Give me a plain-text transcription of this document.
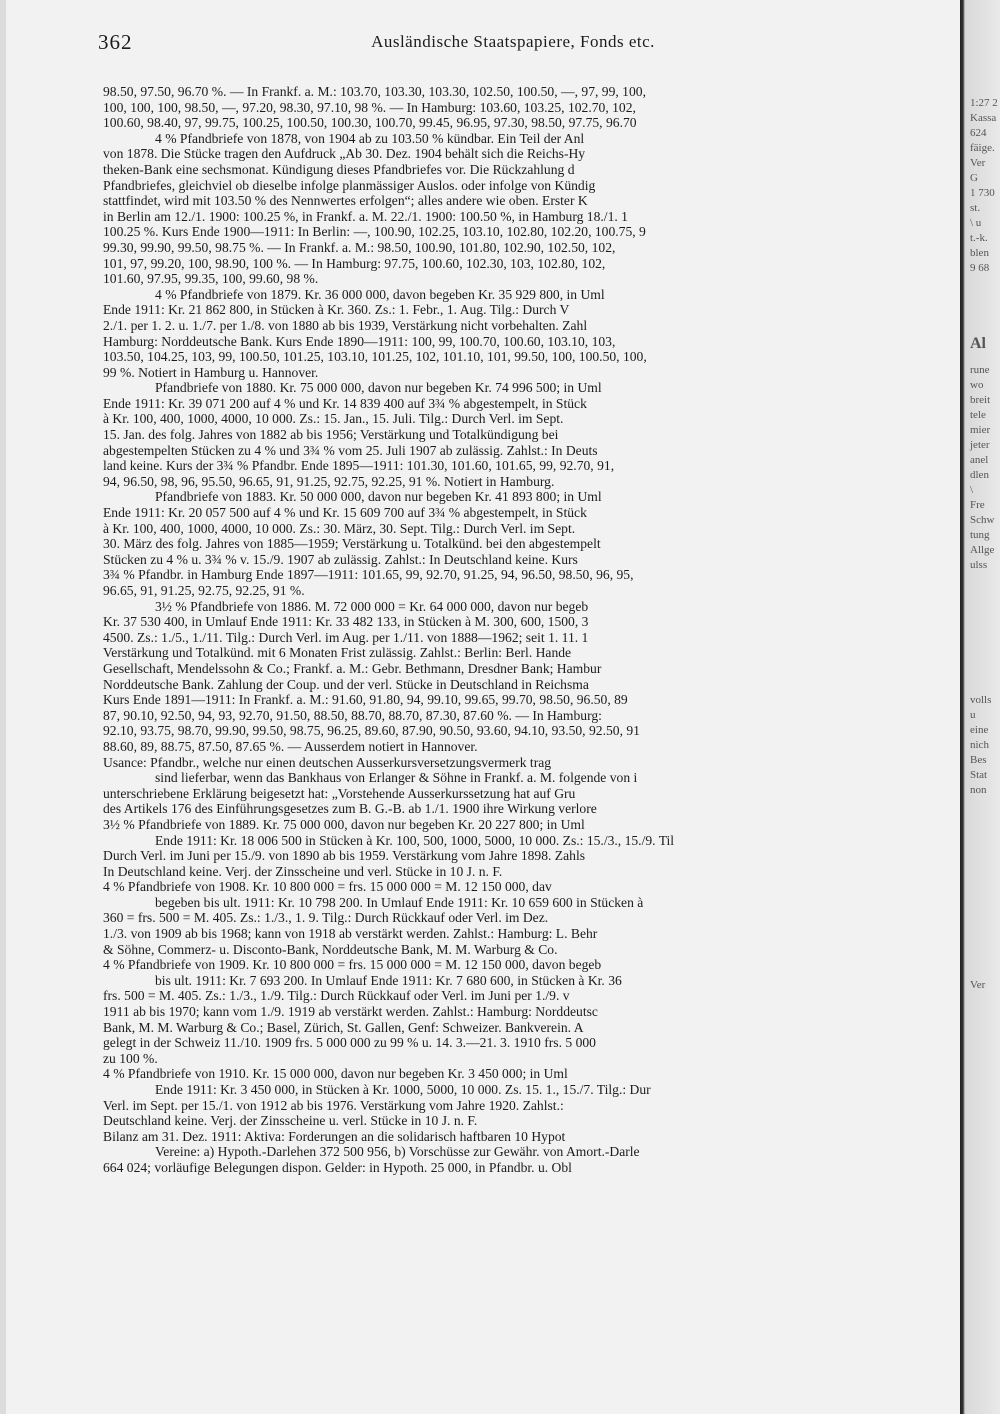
362	Ausländische Staatspapiere, Fonds etc.
98.50, 97.50, 96.70 %. — In Frankf. a. M.: 103.70, 103.30, 103.30, 102.50, 100.50, —, 97, 99, 100,
100, 100, 100, 98.50, —, 97.20, 98.30, 97.10, 98 %. — In Hamburg: 103.60, 103.25, 102.70, 102,
100.60, 98.40, 97, 99.75, 100.25, 100.50, 100.30, 100.70, 99.45, 96.95, 97.30, 98.50, 97.75, 96.70
4 % Pfandbriefe von 1878, von 1904 ab zu 103.50 % kündbar. Ein Teil der Anl
von 1878. Die Stücke tragen den Aufdruck „Ab 30. Dez. 1904 behält sich die Reichs-Hy
theken-Bank eine sechsmonat. Kündigung dieses Pfandbriefes vor. Die Rückzahlung d
Pfandbriefes, gleichviel ob dieselbe infolge planmässiger Auslos. oder infolge von Kündig
stattfindet, wird mit 103.50 % des Nennwertes erfolgen“; alles andere wie oben. Erster K
in Berlin am 12./1. 1900: 100.25 %, in Frankf. a. M. 22./1. 1900: 100.50 %, in Hamburg 18./1. 1
100.25 %. Kurs Ende 1900—1911: In Berlin: —, 100.90, 102.25, 103.10, 102.80, 102.20, 100.75, 9
99.30, 99.90, 99.50, 98.75 %. — In Frankf. a. M.: 98.50, 100.90, 101.80, 102.90, 102.50, 102,
101, 97, 99.20, 100, 98.90, 100 %. — In Hamburg: 97.75, 100.60, 102.30, 103, 102.80, 102,
101.60, 97.95, 99.35, 100, 99.60, 98 %.
4 % Pfandbriefe von 1879. Kr. 36 000 000, davon begeben Kr. 35 929 800, in Uml
Ende 1911: Kr. 21 862 800, in Stücken à Kr. 360. Zs.: 1. Febr., 1. Aug. Tilg.: Durch V
2./1. per 1. 2. u. 1./7. per 1./8. von 1880 ab bis 1939, Verstärkung nicht vorbehalten. Zahl
Hamburg: Norddeutsche Bank. Kurs Ende 1890—1911: 100, 99, 100.70, 100.60, 103.10, 103,
103.50, 104.25, 103, 99, 100.50, 101.25, 103.10, 101.25, 102, 101.10, 101, 99.50, 100, 100.50, 100,
99 %. Notiert in Hamburg u. Hannover.
Pfandbriefe von 1880. Kr. 75 000 000, davon nur begeben Kr. 74 996 500; in Uml
Ende 1911: Kr. 39 071 200 auf 4 % und Kr. 14 839 400 auf 3¾ % abgestempelt, in Stück
à Kr. 100, 400, 1000, 4000, 10 000. Zs.: 15. Jan., 15. Juli. Tilg.: Durch Verl. im Sept.
15. Jan. des folg. Jahres von 1882 ab bis 1956; Verstärkung und Totalkündigung bei
abgestempelten Stücken zu 4 % und 3¾ % vom 25. Juli 1907 ab zulässig. Zahlst.: In Deuts
land keine. Kurs der 3¾ % Pfandbr. Ende 1895—1911: 101.30, 101.60, 101.65, 99, 92.70, 91,
94, 96.50, 98, 96, 95.50, 96.65, 91, 91.25, 92.75, 92.25, 91 %. Notiert in Hamburg.
Pfandbriefe von 1883. Kr. 50 000 000, davon nur begeben Kr. 41 893 800; in Uml
Ende 1911: Kr. 20 057 500 auf 4 % und Kr. 15 609 700 auf 3¾ % abgestempelt, in Stück
à Kr. 100, 400, 1000, 4000, 10 000. Zs.: 30. März, 30. Sept. Tilg.: Durch Verl. im Sept.
30. März des folg. Jahres von 1885—1959; Verstärkung u. Totalkünd. bei den abgestempelt
Stücken zu 4 % u. 3¾ % v. 15./9. 1907 ab zulässig. Zahlst.: In Deutschland keine. Kurs
3¾ % Pfandbr. in Hamburg Ende 1897—1911: 101.65, 99, 92.70, 91.25, 94, 96.50, 98.50, 96, 95,
96.65, 91, 91.25, 92.75, 92.25, 91 %.
3½ % Pfandbriefe von 1886. M. 72 000 000 = Kr. 64 000 000, davon nur begeb
Kr. 37 530 400, in Umlauf Ende 1911: Kr. 33 482 133, in Stücken à M. 300, 600, 1500, 3
4500. Zs.: 1./5., 1./11. Tilg.: Durch Verl. im Aug. per 1./11. von 1888—1962; seit 1. 11. 1
Verstärkung und Totalkünd. mit 6 Monaten Frist zulässig. Zahlst.: Berlin: Berl. Hande
Gesellschaft, Mendelssohn & Co.; Frankf. a. M.: Gebr. Bethmann, Dresdner Bank; Hambur
Norddeutsche Bank. Zahlung der Coup. und der verl. Stücke in Deutschland in Reichsma
Kurs Ende 1891—1911: In Frankf. a. M.: 91.60, 91.80, 94, 99.10, 99.65, 99.70, 98.50, 96.50, 89
87, 90.10, 92.50, 94, 93, 92.70, 91.50, 88.50, 88.70, 88.70, 87.30, 87.60 %. — In Hamburg:
92.10, 93.75, 98.70, 99.90, 99.50, 98.75, 96.25, 89.60, 87.90, 90.50, 93.60, 94.10, 93.50, 92.50, 91
88.60, 89, 88.75, 87.50, 87.65 %. — Ausserdem notiert in Hannover.
Usance: Pfandbr., welche nur einen deutschen Ausserkursversetzungsvermerk trag
sind lieferbar, wenn das Bankhaus von Erlanger & Söhne in Frankf. a. M. folgende von i
unterschriebene Erklärung beigesetzt hat: „Vorstehende Ausserkurssetzung hat auf Gru
des Artikels 176 des Einführungsgesetzes zum B. G.-B. ab 1./1. 1900 ihre Wirkung verlore
3½ % Pfandbriefe von 1889. Kr. 75 000 000, davon nur begeben Kr. 20 227 800; in Uml
Ende 1911: Kr. 18 006 500 in Stücken à Kr. 100, 500, 1000, 5000, 10 000. Zs.: 15./3., 15./9. Til
Durch Verl. im Juni per 15./9. von 1890 ab bis 1959. Verstärkung vom Jahre 1898. Zahls
In Deutschland keine. Verj. der Zinsscheine und verl. Stücke in 10 J. n. F.
4 % Pfandbriefe von 1908. Kr. 10 800 000 = frs. 15 000 000 = M. 12 150 000, dav
begeben bis ult. 1911: Kr. 10 798 200. In Umlauf Ende 1911: Kr. 10 659 600 in Stücken à
360 = frs. 500 = M. 405. Zs.: 1./3., 1. 9. Tilg.: Durch Rückkauf oder Verl. im Dez.
1./3. von 1909 ab bis 1968; kann von 1918 ab verstärkt werden. Zahlst.: Hamburg: L. Behr
& Söhne, Commerz- u. Disconto-Bank, Norddeutsche Bank, M. M. Warburg & Co.
4 % Pfandbriefe von 1909. Kr. 10 800 000 = frs. 15 000 000 = M. 12 150 000, davon begeb
bis ult. 1911: Kr. 7 693 200. In Umlauf Ende 1911: Kr. 7 680 600, in Stücken à Kr. 36
frs. 500 = M. 405. Zs.: 1./3., 1./9. Tilg.: Durch Rückkauf oder Verl. im Juni per 1./9. v
1911 ab bis 1970; kann vom 1./9. 1919 ab verstärkt werden. Zahlst.: Hamburg: Norddeutsc
Bank, M. M. Warburg & Co.; Basel, Zürich, St. Gallen, Genf: Schweizer. Bankverein. A
gelegt in der Schweiz 11./10. 1909 frs. 5 000 000 zu 99 % u. 14. 3.—21. 3. 1910 frs. 5 000
zu 100 %.
4 % Pfandbriefe von 1910. Kr. 15 000 000, davon nur begeben Kr. 3 450 000; in Uml
Ende 1911: Kr. 3 450 000, in Stücken à Kr. 1000, 5000, 10 000. Zs. 15. 1., 15./7. Tilg.: Dur
Verl. im Sept. per 15./1. von 1912 ab bis 1976. Verstärkung vom Jahre 1920. Zahlst.:
Deutschland keine. Verj. der Zinsscheine u. verl. Stücke in 10 J. n. F.
Bilanz am 31. Dez. 1911: Aktiva: Forderungen an die solidarisch haftbaren 10 Hypot
Vereine: a) Hypoth.-Darlehen 372 500 956, b) Vorschüsse zur Gewähr. von Amort.-Darle
664 024; vorläufige Belegungen dispon. Gelder: in Hypoth. 25 000, in Pfandbr. u. Obl
1:27 2
Kassa
624
fäige.
Ver
G
1 730
st.
\ u
t.-k.
blen
9 68
Al
rune
wo
breit
tele
mier
jeter
anel
dlen
\
Fre
Schw
tung
Allge
ulss
volls
u
eine
nich
Bes
Stat
non
Ver
